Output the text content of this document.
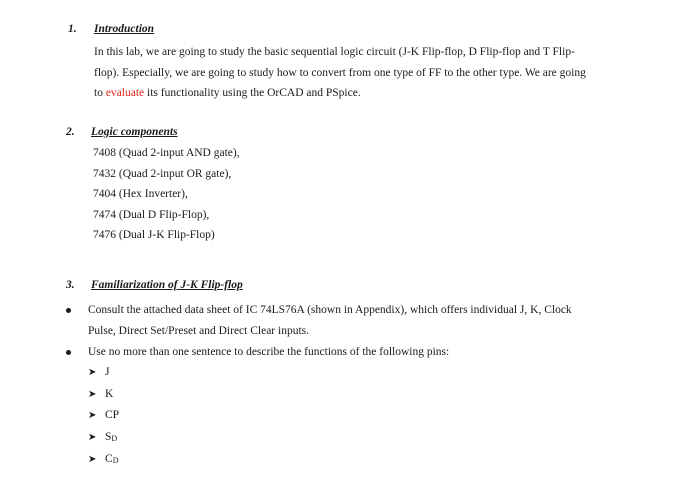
1. Introduction
In this lab, we are going to study the basic sequential logic circuit (J-K Flip-flop, D Flip-flop and T Flip-
flop). Especially, we are going to study how to convert from one type of FF to the other type. We are going
to evaluate its functionality using the OrCAD and PSpice.
2. Logic components
7408 (Quad 2-input AND gate),
7432 (Quad 2-input OR gate),
7404 (Hex Inverter),
7474 (Dual D Flip-Flop),
7476 (Dual J-K Flip-Flop)
3. Familiarization of J-K Flip-flop
Consult the attached data sheet of IC 74LS76A (shown in Appendix), which offers individual J, K, Clock
Pulse, Direct Set/Preset and Direct Clear inputs.
Use no more than one sentence to describe the functions of the following pins:
➤ J
➤ K
➤ CP
➤ $S_D$
➤ $C_D$
